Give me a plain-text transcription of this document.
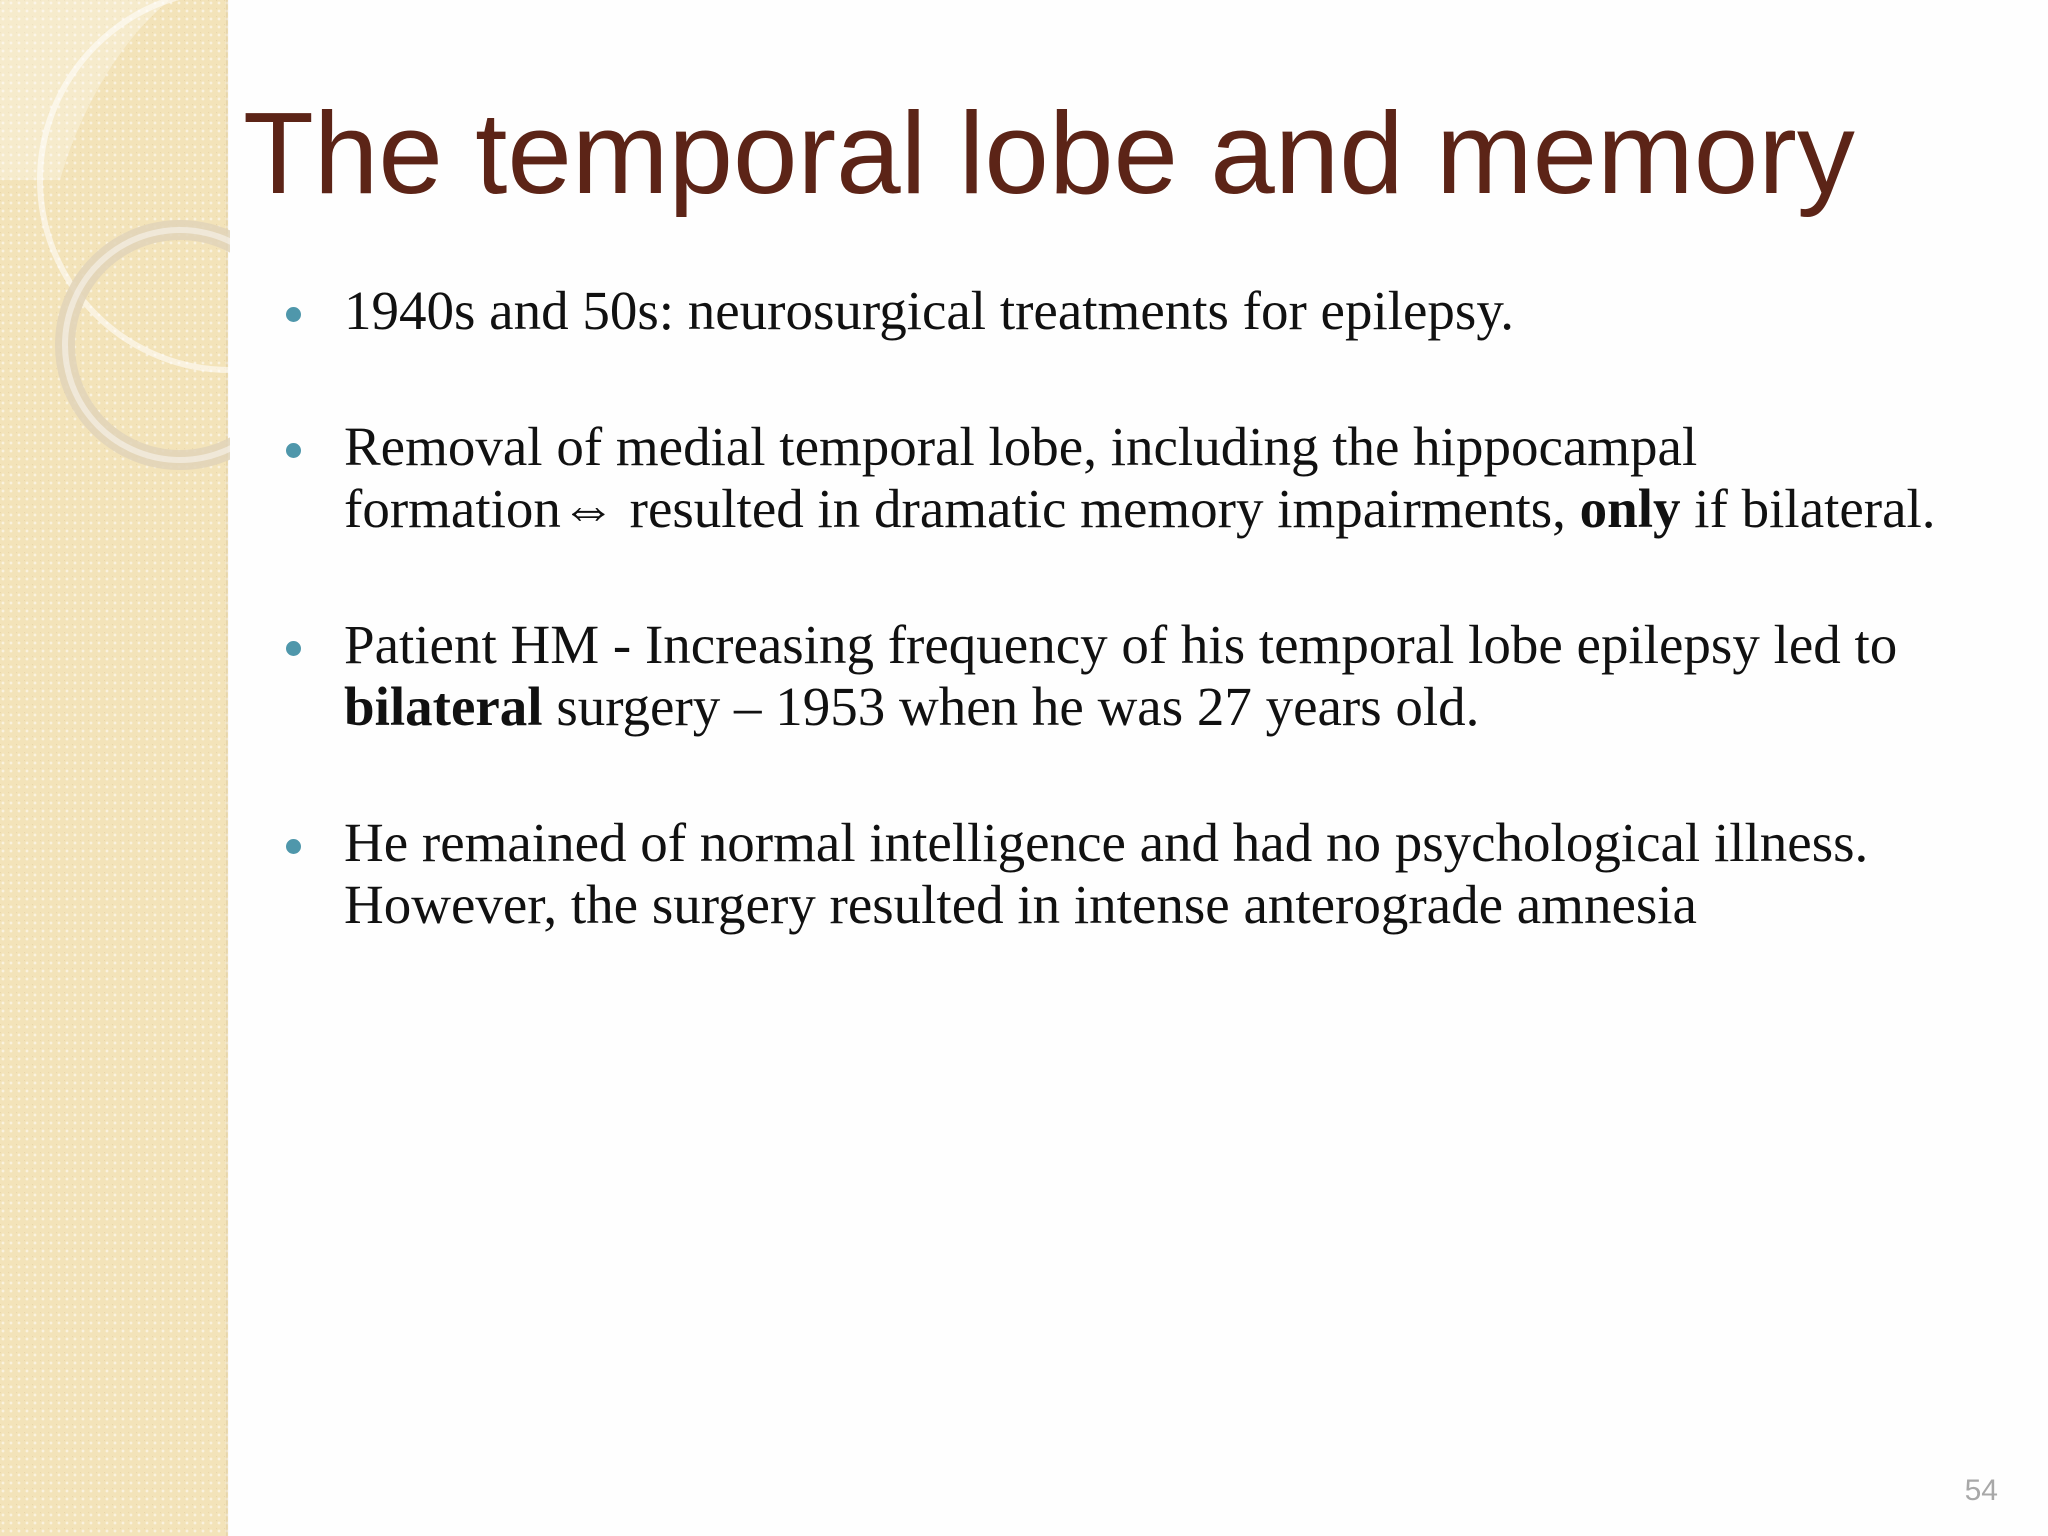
The temporal lobe and memory
1940s and 50s: neurosurgical treatments for epilepsy.
Removal of medial temporal lobe, including the hippocampal
formation⇔ resulted in dramatic memory impairments, only if bilateral.
Patient HM - Increasing frequency of his temporal lobe epilepsy led to
bilateral surgery – 1953 when he was 27 years old.
He remained of normal intelligence and had no psychological illness.
However, the surgery resulted in intense anterograde amnesia
54
